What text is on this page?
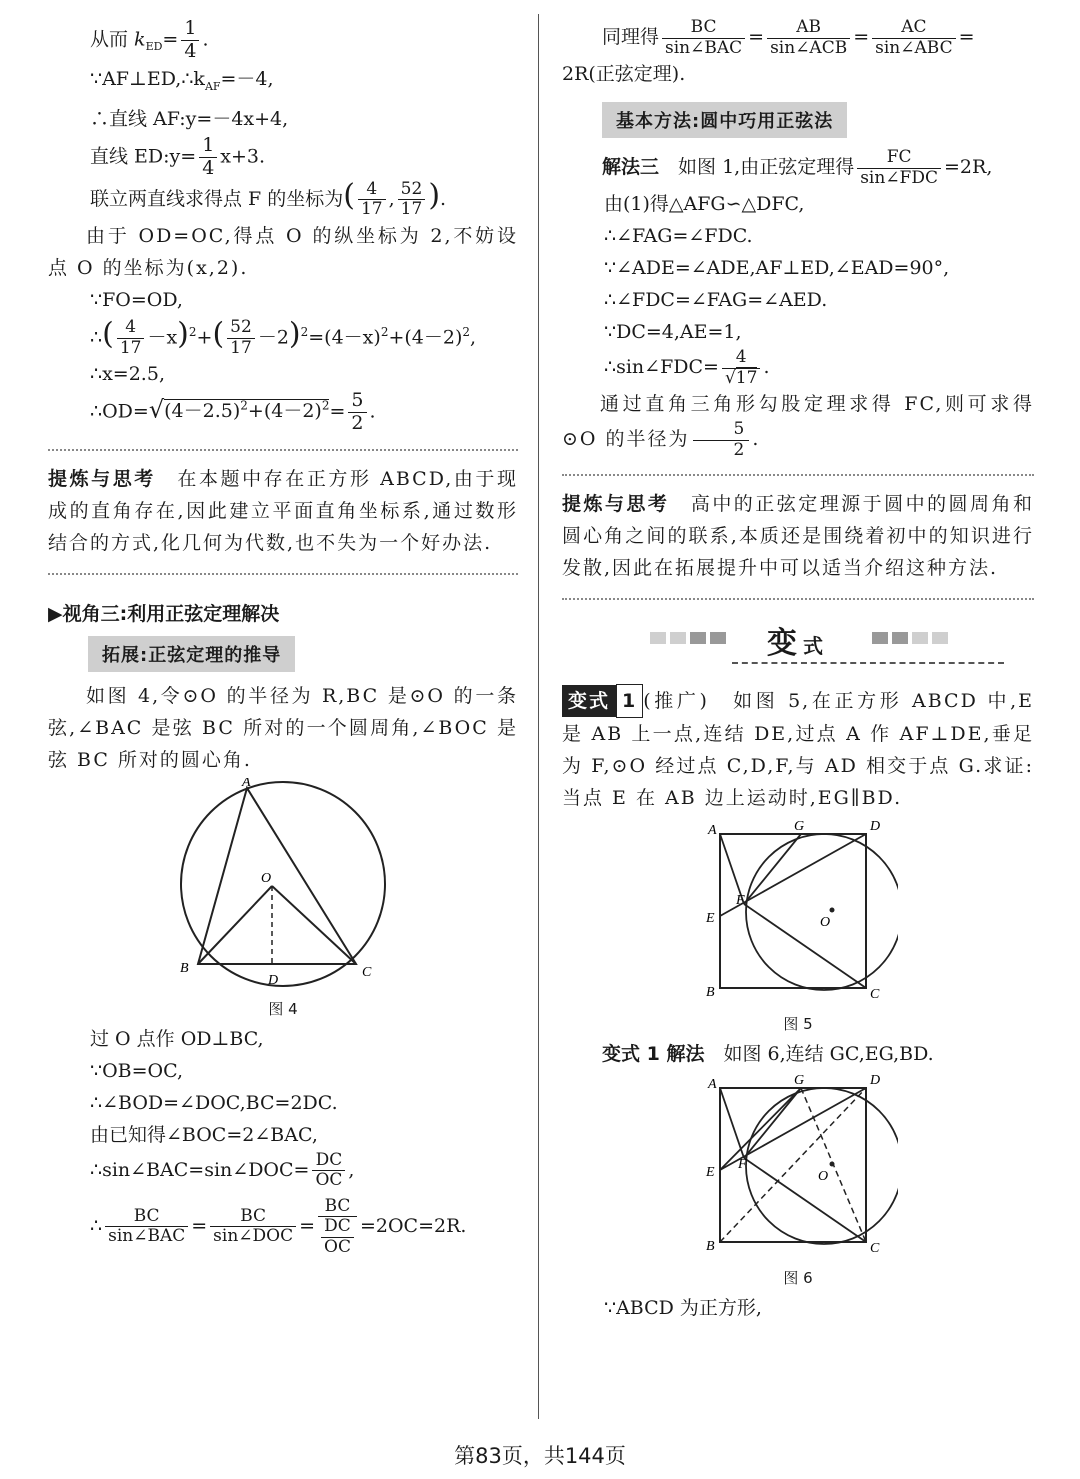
从而 $k_{ED}= \frac{1}{4}$ .

$\because AF\perp ED,\therefore k_{AF}=-4$,

∴直线 AF:y=－4x+4,

直线 ED:y= $\frac{1}{4} x+3$.

联立两直线求得点 F 的坐标为( $\frac{4}{17}$ , $\frac{52}{17}$ ).

由于 OD=OC,得点 O 的纵坐标为 2,不妨设点 O 的坐标为(x,2).

∵FO=OD,

∴( $\frac{4}{17} -x)^2+( \frac{52}{17} -2)^2=(4-x)^2+(4-2)^2$,

∴x=2.5,

$\therefore OD=√(4-2.5)^2+(4-2)^2= \frac{5}{2}$ .

提炼与思考　 在本题中存在正方形 ABCD,由于现成的直角存在,因此建立平面直角坐标系,通过数形结合的方式,化几何为代数,也不失为一个好办法.

▶视角三:利用正弦定理解决
拓展:正弦定理的推导

如图 4,令⊙O 的半径为 R,BC 是⊙O 的一条弦,∠BAC 是弦 BC 所对的一个圆周角,∠BOC 是弦 BC 所对的圆心角.

A
O
B
D
C
图 4

过 O 点作 OD⊥BC,

∵OB=OC,

∴∠BOD=∠DOC,BC=2DC.

由已知得∠BOC=2∠BAC,

∴sin∠BAC=sin∠DOC= $\frac{DC}{OC}$ ,

∴ $\frac{BC}{\text{sin∠BAC}} = \frac{BC}{\text{sin∠DOC}} = \frac{BC}{\frac{DC}{OC}} =2OC=2R$.

同理得 $\frac{BC}{\text{sin∠BAC}} = \frac{AB}{\text{sin∠ACB}} = \frac{AC}{\text{sin∠ABC}}$ =

2R(正弦定理).

基本方法:圆中巧用正弦法

解法三　 如图 1,由正弦定理得 $\frac{FC}{\text{sin∠FDC}} =2R$,

由(1)得△AFG∽△DFC,

∴∠FAG=∠FDC.

∵∠ADE=∠ADE,AF⊥ED,∠EAD=90°,

∴∠FDC=∠FAG=∠AED.

∵DC=4,AE=1,

∴sin∠FDC= $\frac{4}{√17}$ .

通过直角三角形勾股定理求得 FC,则可求得⊙O 的半径为 $\frac{5}{2}$ .

提炼与思考　 高中的正弦定理源于圆中的圆周角和圆心角之间的联系,本质还是围绕着初中的知识进行发散,因此在拓展提升中可以适当介绍这种方法.

变式

变式 1 (推广)　如图 5,在正方形 ABCD 中,E 是 AB 上一点,连结 DE,过点 A 作 AF⊥DE,垂足为 F,⊙O 经过点 C,D,F,与 AD 相交于点 G.求证:当点 E 在 AB 边上运动时,EG∥BD.

A	G	D
E
F
O
B	C
图 5

变式 1 解法　 如图 6,连结 GC,EG,BD.

A	G	D
E
F
O
B	C
图 6

∵ABCD 为正方形,

第83页，共144页
